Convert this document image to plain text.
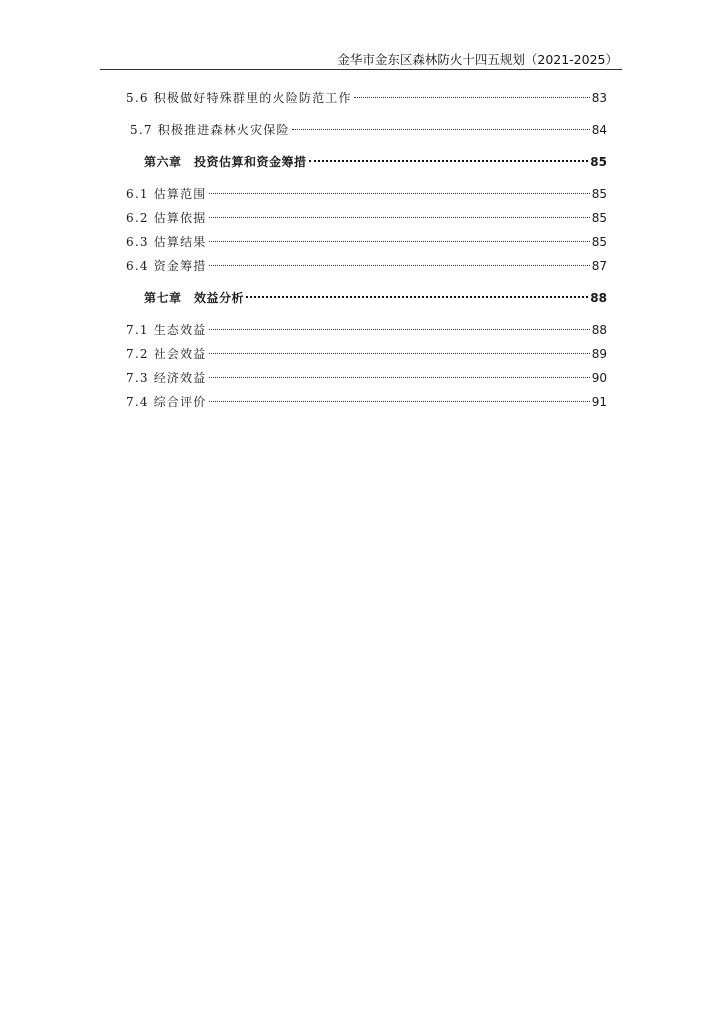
金华市金东区森林防火十四五规划（2021-2025）
5.6 积极做好特殊群里的火险防范工作	83
5.7 积极推进森林火灾保险	84
第六章　投资估算和资金筹措	85
6.1 估算范围	85
6.2 估算依据	85
6.3 估算结果	85
6.4 资金筹措	87
第七章　效益分析	88
7.1 生态效益	88
7.2 社会效益	89
7.3 经济效益	90
7.4 综合评价	91
